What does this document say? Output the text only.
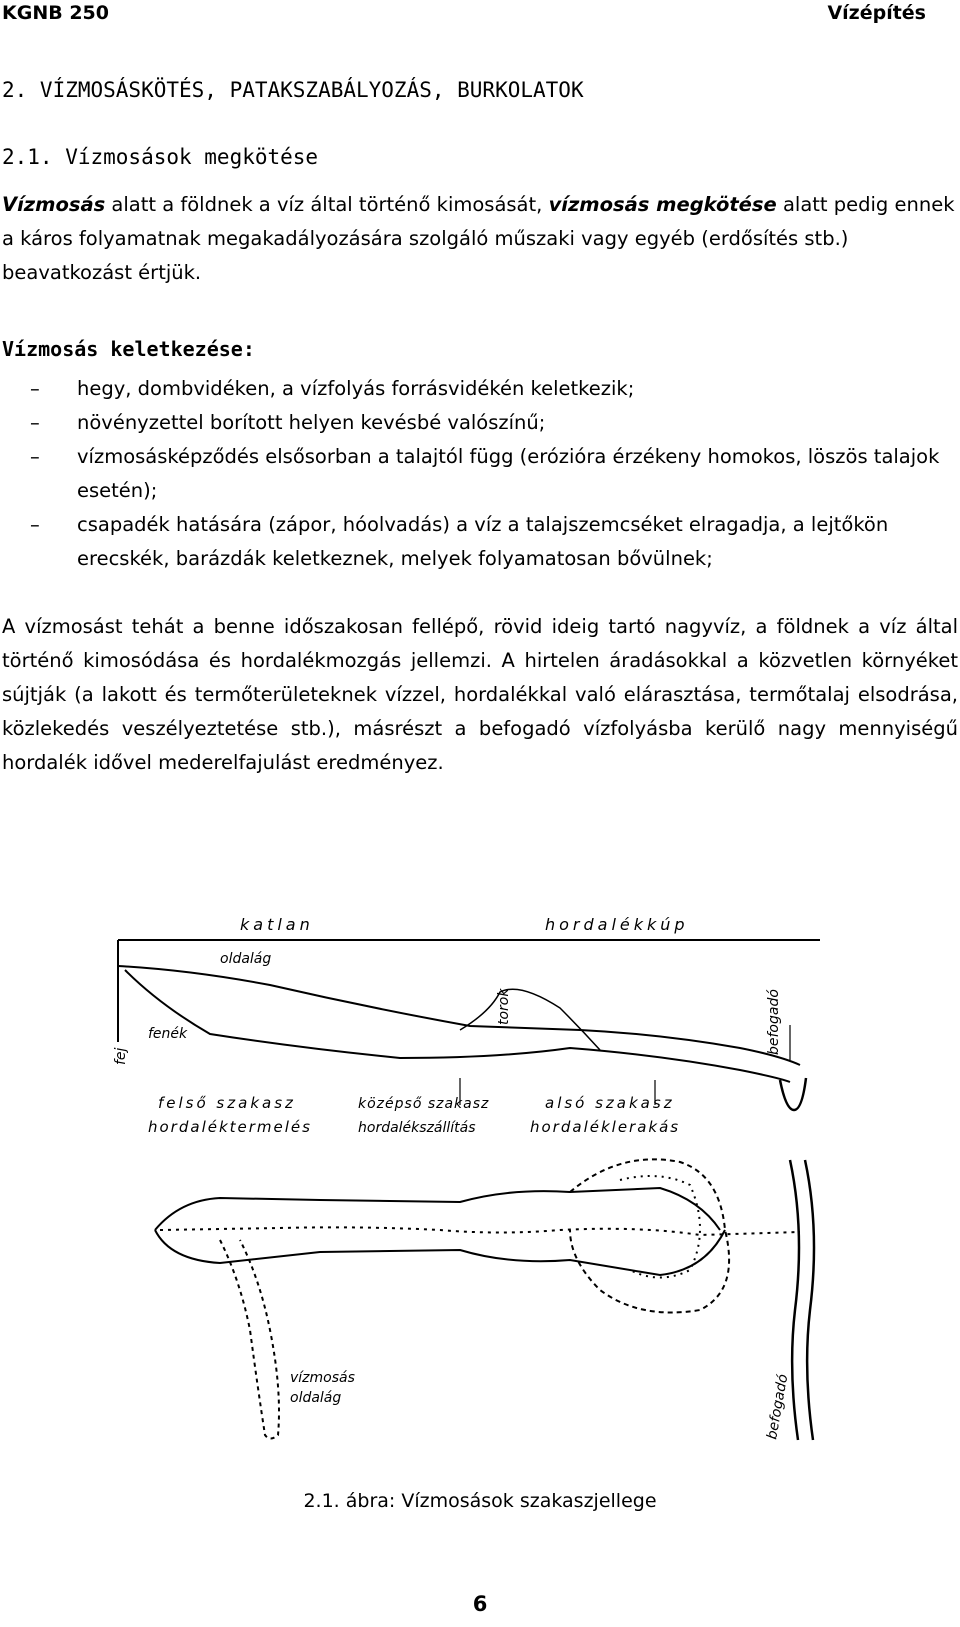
KGNB 250	Vízépítés
2. VÍZMOSÁSKÖTÉS, PATAKSZABÁLYOZÁS, BURKOLATOK
2.1. Vízmosások megkötése
Vízmosás alatt a földnek a víz által történő kimosását, vízmosás megkötése alatt pedig ennek a káros folyamatnak megakadályozására szolgáló műszaki vagy egyéb (erdősítés stb.) beavatkozást értjük.
Vízmosás keletkezése:
– hegy, dombvidéken, a vízfolyás forrásvidékén keletkezik;
– növényzettel borított helyen kevésbé valószínű;
– vízmosásképződés elsősorban a talajtól függ (erózióra érzékeny homokos, löszös talajok esetén);
– csapadék hatására (zápor, hóolvadás) a víz a talajszemcséket elragadja, a lejtőkön erecskék, barázdák keletkeznek, melyek folyamatosan bővülnek;
A vízmosást tehát a benne időszakosan fellépő, rövid ideig tartó nagyvíz, a földnek a víz által történő kimosódása és hordalékmozgás jellemzi. A hirtelen áradásokkal a közvetlen környéket sújtják (a lakott és termőterületeknek vízzel, hordalékkal való elárasztása, termőtalaj elsodrása, közlekedés veszélyeztetése stb.), másrészt a befogadó vízfolyásba kerülő nagy mennyiségű hordalék idővel mederelfajulást eredményez.
katlan	hordalékkúp
oldalág
torok	befogadó
fej
fenék
felső szakasz	középső szakasz	alsó szakasz
hordaléktermelés	hordalékszállítás	hordaléklerakás
vízmosás
oldalág	befogadó
2.1. ábra: Vízmosások szakaszjellege
6
